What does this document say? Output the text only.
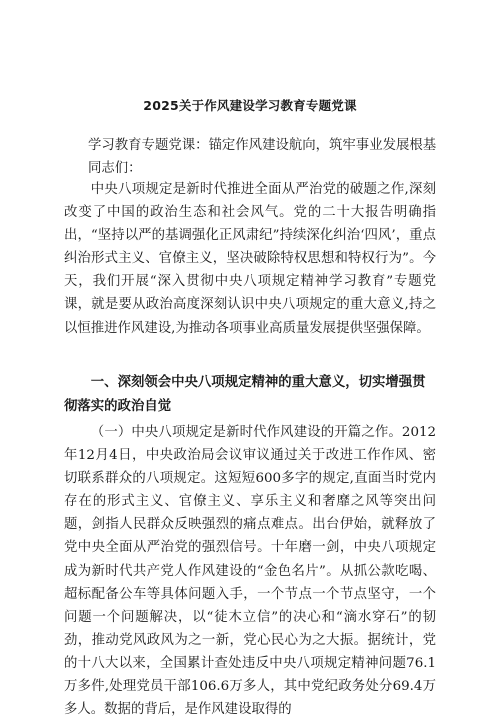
2025关于作风建设学习教育专题党课
学习教育专题党课：锚定作风建设航向，筑牢事业发展根基
同志们：

中央八项规定是新时代推进全面从严治党的破题之作,深刻改变了中国的政治生态和社会风气。党的二十大报告明确指出，“坚持以严的基调强化正风肃纪”持续深化纠治‘四风’，重点纠治形式主义、官僚主义，坚决破除特权思想和特权行为”。今天，我们开展“深入贯彻中央八项规定精神学习教育”专题党课，就是要从政治高度深刻认识中央八项规定的重大意义,持之以恒推进作风建设,为推动各项事业高质量发展提供坚强保障。

一、深刻领会中央八项规定精神的重大意义，切实增强贯彻落实的政治自觉

（一）中央八项规定是新时代作风建设的开篇之作。2012年12月4日，中央政治局会议审议通过关于改进工作作风、密切联系群众的八项规定。这短短600多字的规定,直面当时党内存在的形式主义、官僚主义、享乐主义和奢靡之风等突出问题，剑指人民群众反映强烈的痛点难点。出台伊始，就释放了党中央全面从严治党的强烈信号。十年磨一剑，中央八项规定成为新时代共产党人作风建设的“金色名片”。从抓公款吃喝、超标配备公车等具体问题入手，一个节点一个节点坚守，一个问题一个问题解决，以“徒木立信”的决心和“滴水穿石”的韧劲，推动党风政风为之一新，党心民心为之大振。据统计，党的十八大以来，全国累计查处违反中央八项规定精神问题76.1万多件,处理党员干部106.6万多人，其中党纪政务处分69.4万多人。数据的背后，是作风建设取得的
